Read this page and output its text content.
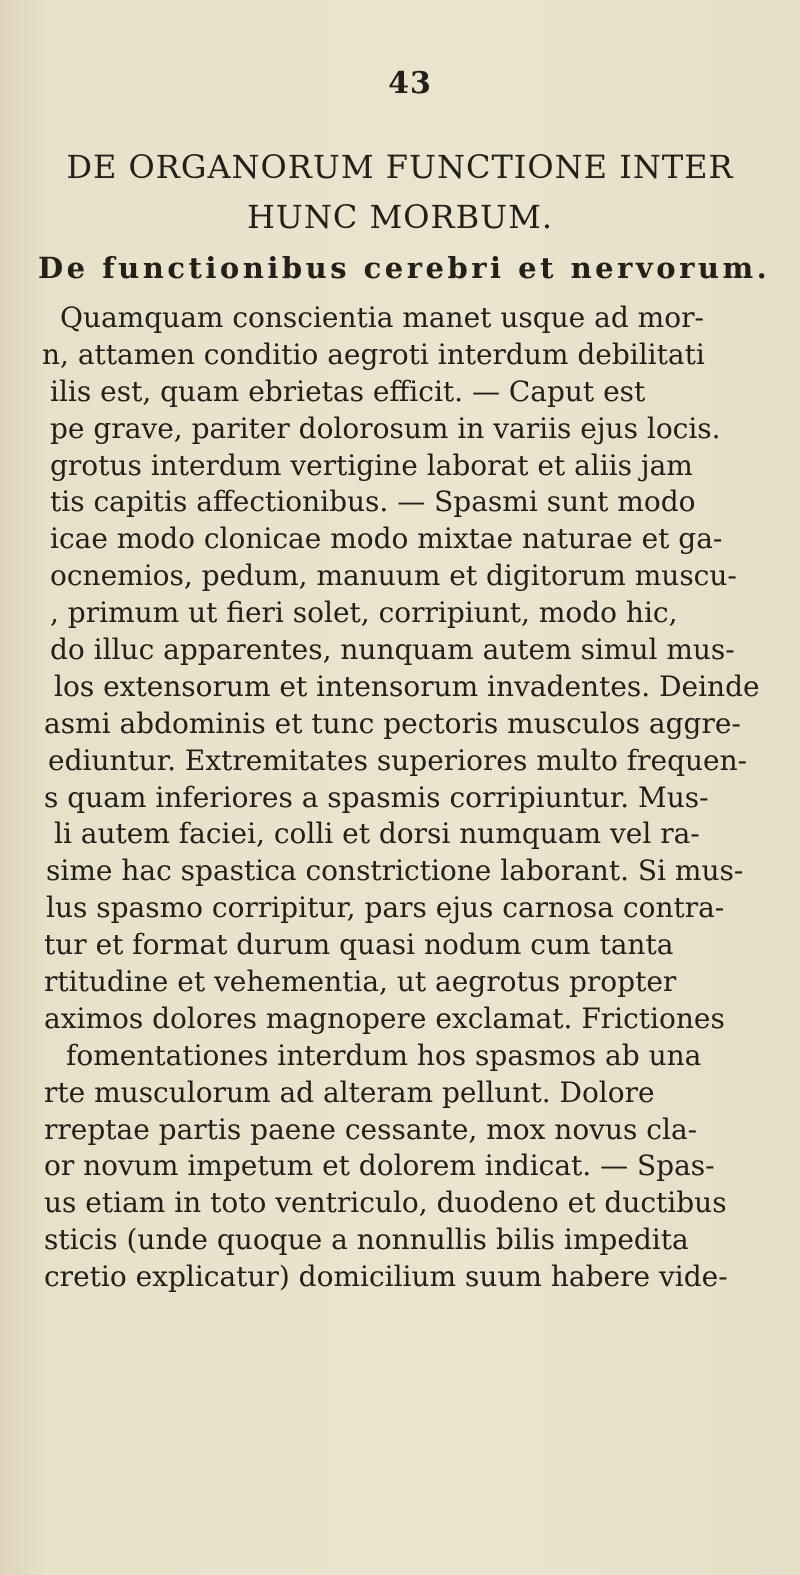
43
DE ORGANORUM FUNCTIONE INTER
HUNC MORBUM.
De functionibus cerebri et nervorum.
Quamquam conscientia manet usque ad mor-
n, attamen conditio aegroti interdum debilitati
ilis est, quam ebrietas efficit. — Caput est
pe grave, pariter dolorosum in variis ejus locis.
grotus interdum vertigine laborat et aliis jam
tis capitis affectionibus. — Spasmi sunt modo
icae modo clonicae modo mixtae naturae et ga-
ocnemios, pedum, manuum et digitorum muscu-
, primum ut fieri solet, corripiunt, modo hic,
do illuc apparentes, nunquam autem simul mus-
los extensorum et intensorum invadentes. Deinde
asmi abdominis et tunc pectoris musculos aggre-
ediuntur. Extremitates superiores multo frequen-
s quam inferiores a spasmis corripiuntur. Mus-
li autem faciei, colli et dorsi numquam vel ra-
sime hac spastica constrictione laborant. Si mus-
lus spasmo corripitur, pars ejus carnosa contra-
tur et format durum quasi nodum cum tanta
rtitudine et vehementia, ut aegrotus propter
aximos dolores magnopere exclamat. Frictiones
fomentationes interdum hos spasmos ab una
rte musculorum ad alteram pellunt. Dolore
rreptae partis paene cessante, mox novus cla-
or novum impetum et dolorem indicat. — Spas-
us etiam in toto ventriculo, duodeno et ductibus
sticis (unde quoque a nonnullis bilis impedita
cretio explicatur) domicilium suum habere vide-
